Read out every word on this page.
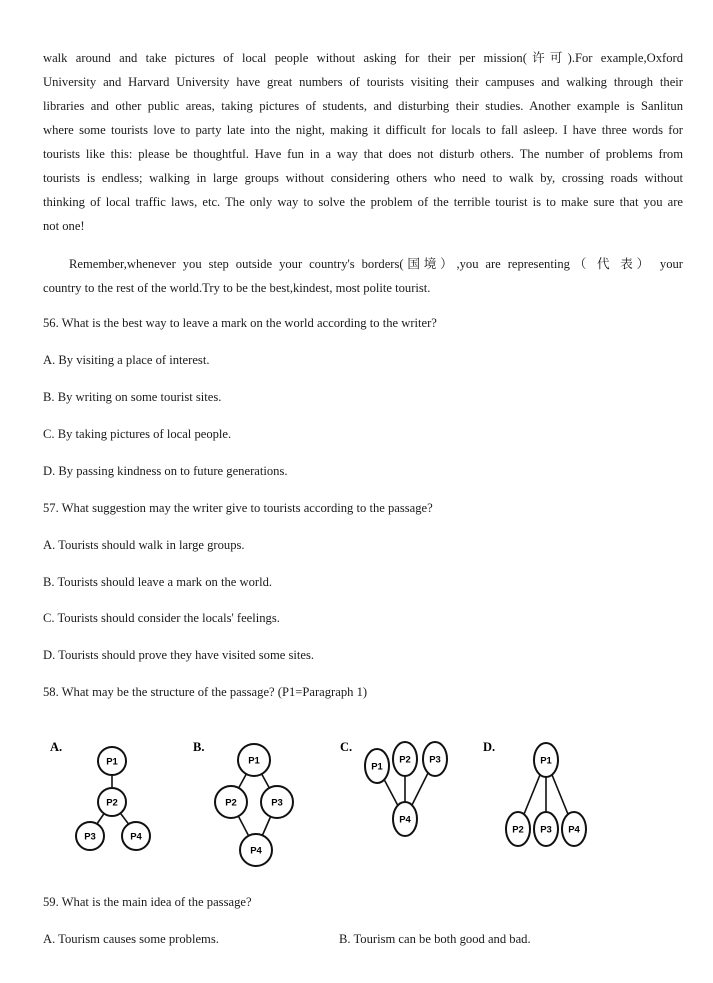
walk around and take pictures of local people without asking for their per mission(许可).For example,Oxford
University and Harvard University have great numbers of tourists visiting their campuses and walking through their
libraries and other public areas, taking pictures of students, and disturbing their studies. Another example is Sanlitun
where some tourists love to party late into the night, making it difficult for locals to fall asleep. I have three words for
tourists like this: please be thoughtful. Have fun in a way that does not disturb others. The number of problems from
tourists is endless; walking in large groups without considering others who need to walk by, crossing roads without
thinking of local traffic laws, etc. The only way to solve the problem of the terrible tourist is to make sure that you are
not one!
Remember,whenever you step outside your country's borders(国境）,you are representing（ 代 表） your
country to the rest of the world.Try to be the best,kindest, most polite tourist.

56. What is the best way to leave a mark on the world according to the writer?

A. By visiting a place of interest.

B. By writing on some tourist sites.

C. By taking pictures of local people.

D. By passing kindness on to future generations.

57. What suggestion may the writer give to tourists according to the passage?

A. Tourists should walk in large groups.

B. Tourists should leave a mark on the world.

C. Tourists should consider the locals' feelings.

D. Tourists should prove they have visited some sites.

58. What may be the structure of the passage? (P1=Paragraph 1)

A.
P1
P2
P3	P4
B.
P1
P2	P3
P4
C.
P1
P2 P3
P4
D.
P1
P2 P3 P4

59. What is the main idea of the passage?

A. Tourism causes some problems.	B. Tourism can be both good and bad.
